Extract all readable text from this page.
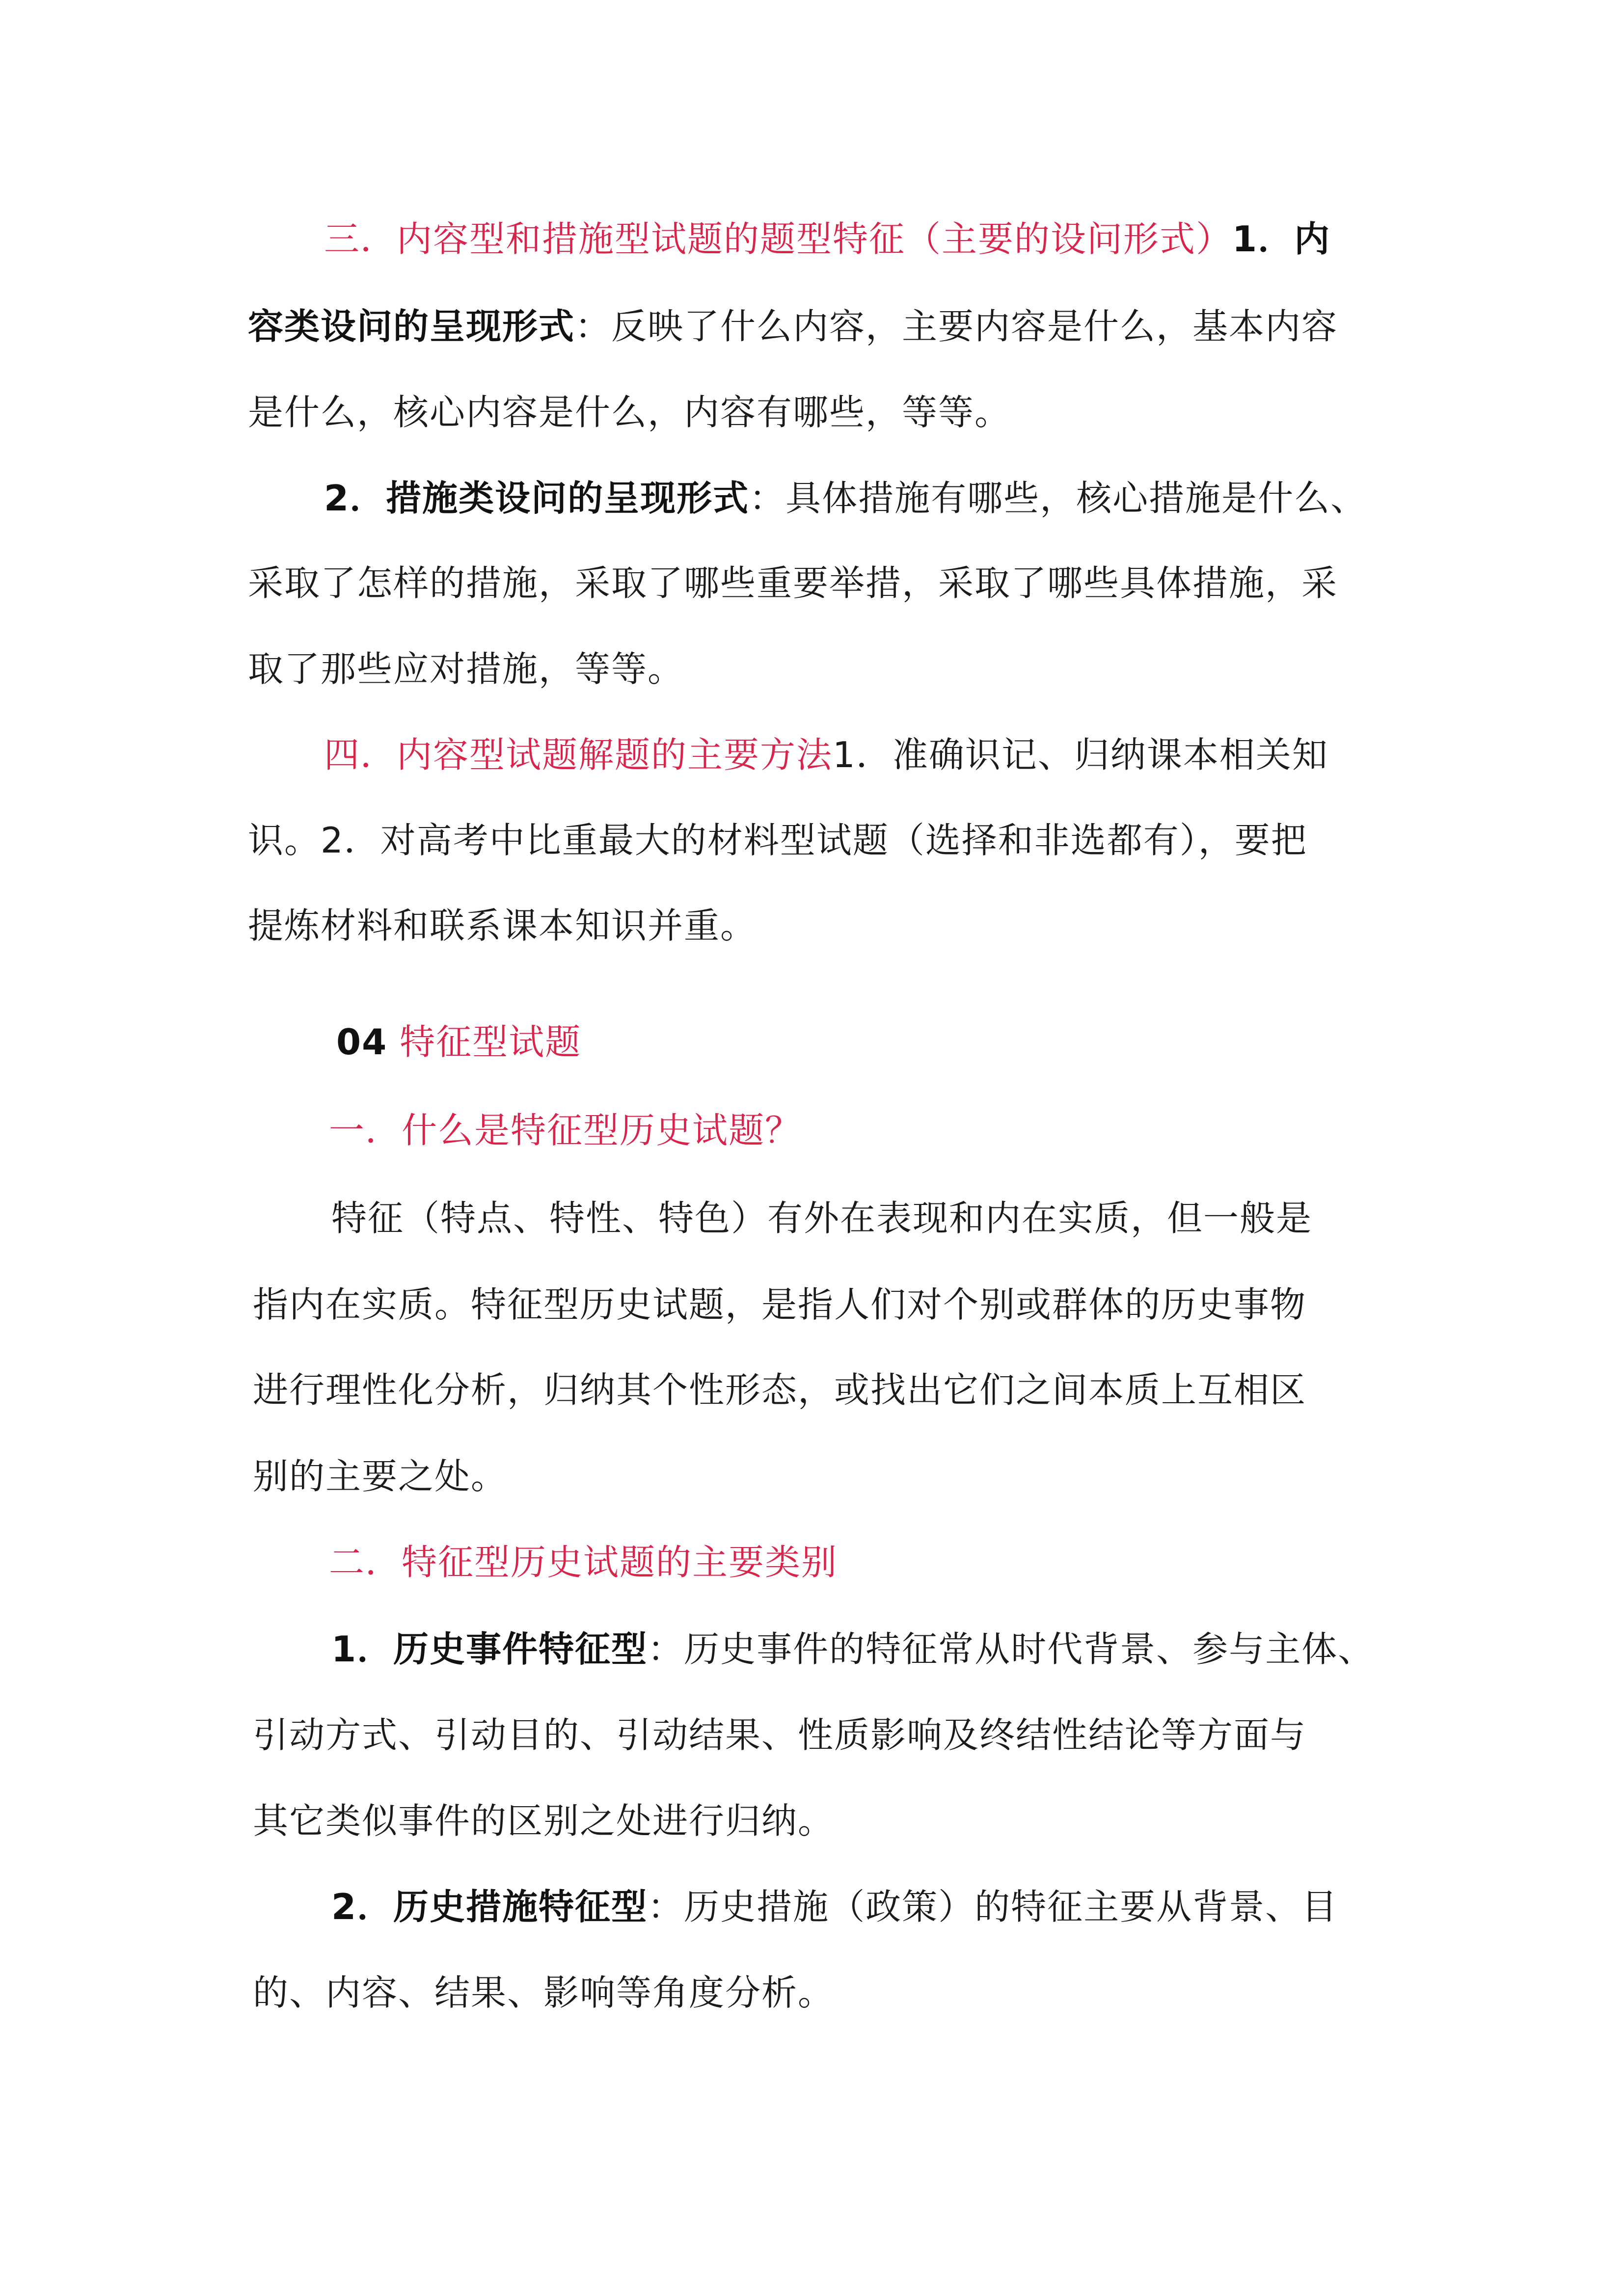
三．内容型和措施型试题的题型特征（主要的设问形式）1．内
容类设问的呈现形式：反映了什么内容，主要内容是什么，基本内容
是什么，核心内容是什么，内容有哪些，等等。
2．措施类设问的呈现形式：具体措施有哪些，核心措施是什么、
采取了怎样的措施，采取了哪些重要举措，采取了哪些具体措施，采
取了那些应对措施，等等。
四．内容型试题解题的主要方法1．准确识记、归纳课本相关知
识。2．对高考中比重最大的材料型试题（选择和非选都有），要把
提炼材料和联系课本知识并重。
04 特征型试题
一．什么是特征型历史试题？
特征（特点、特性、特色）有外在表现和内在实质，但一般是
指内在实质。特征型历史试题，是指人们对个别或群体的历史事物
进行理性化分析，归纳其个性形态，或找出它们之间本质上互相区
别的主要之处。
二．特征型历史试题的主要类别
1．历史事件特征型：历史事件的特征常从时代背景、参与主体、
引动方式、引动目的、引动结果、性质影响及终结性结论等方面与
其它类似事件的区别之处进行归纳。
2．历史措施特征型：历史措施（政策）的特征主要从背景、目
的、内容、结果、影响等角度分析。
